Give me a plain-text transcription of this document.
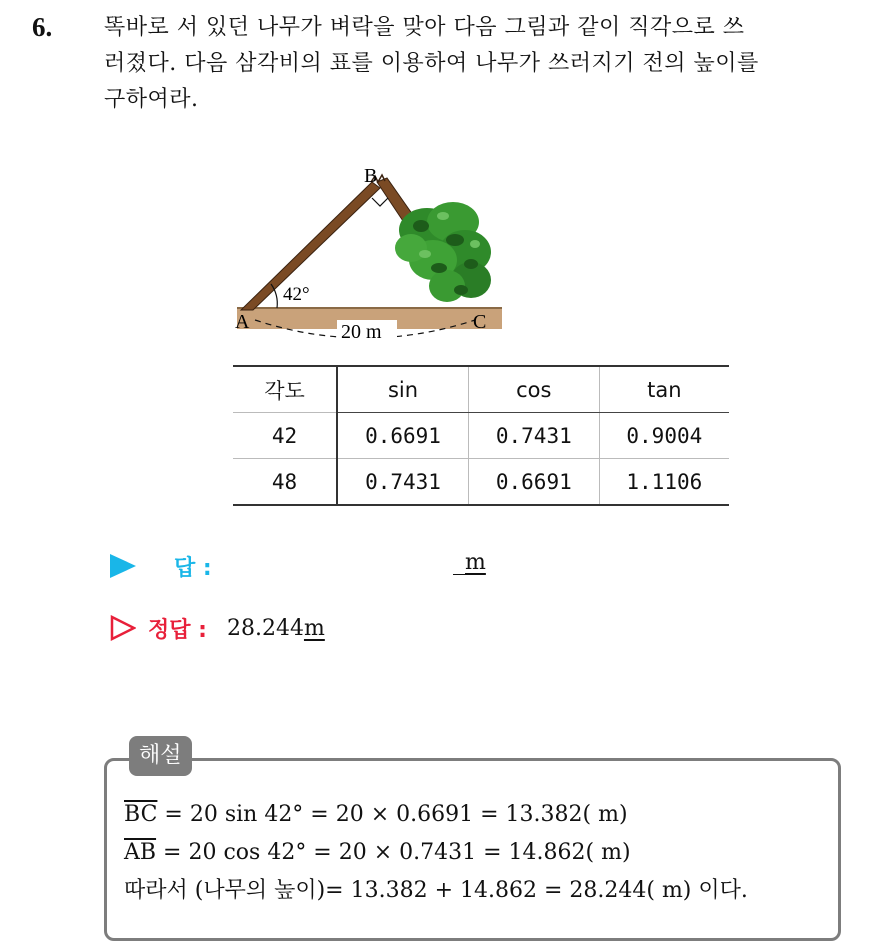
6. 똑바로 서 있던 나무가 벼락을 맞아 다음 그림과 같이 직각으로 쓰
러졌다. 다음 삼각비의 표를 이용하여 나무가 쓰러지기 전의 높이를
구하여라.
A
B
C
42°
20 m
각도	sin	cos	tan
42	0.6691	0.7431	0.9004
48	0.7431	0.6691	1.1106
답 :	m
정답 : 28.244m
해설
$\overline{BC} = 20$ sin 42° = 20 × 0.6691 = 13.382( m)
$\overline{AB} = 20$ cos 42° = 20 × 0.7431 = 14.862( m)
따라서 (나무의 높이)= 13.382 + 14.862 = 28.244( m) 이다.
